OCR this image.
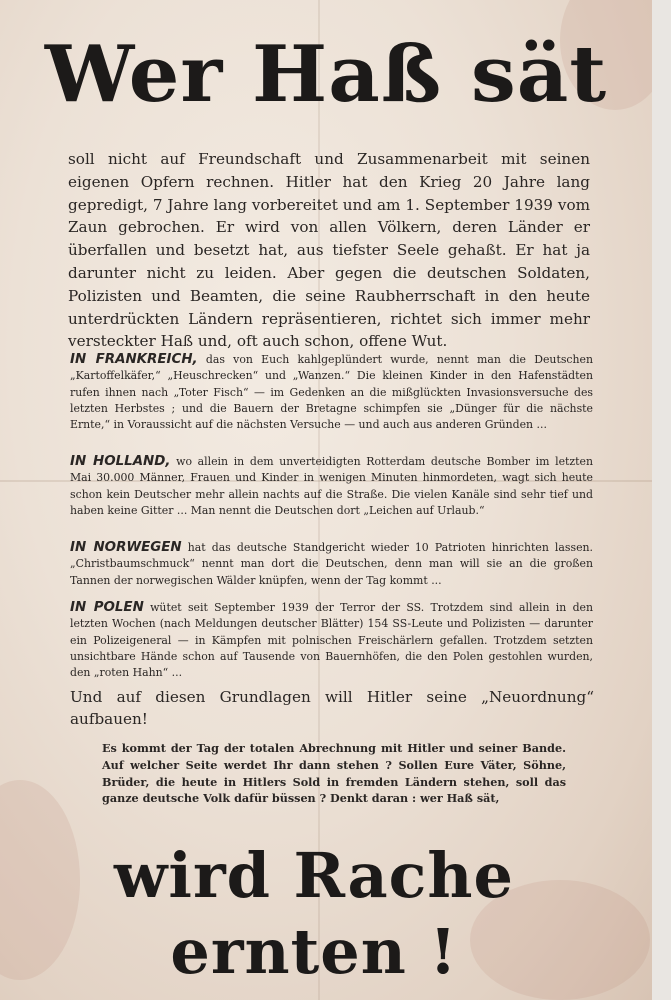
Wer Haß sät

soll nicht auf Freundschaft und Zusammenarbeit mit seinen eigenen Opfern rechnen. Hitler hat den Krieg 20 Jahre lang gepredigt, 7 Jahre lang vorbereitet und am 1. September 1939 vom Zaun gebrochen. Er wird von allen Völkern, deren Länder er überfallen und besetzt hat, aus tiefster Seele gehaßt. Er hat ja darunter nicht zu leiden. Aber gegen die deutschen Soldaten, Polizisten und Beamten, die seine Raubherrschaft in den heute unterdrückten Ländern repräsentieren, richtet sich immer mehr versteckter Haß und, oft auch schon, offene Wut.

IN FRANKREICH, das von Euch kahlgeplündert wurde, nennt man die Deutschen „Kartoffelkäfer,“ „Heuschrecken“ und „Wanzen.“ Die kleinen Kinder in den Hafenstädten rufen ihnen nach „Toter Fisch“ — im Gedenken an die mißglückten Invasionsversuche des letzten Herbstes ; und die Bauern der Bretagne schimpfen sie „Dünger für die nächste Ernte,“ in Voraussicht auf die nächsten Versuche — und auch aus anderen Gründen ...

IN HOLLAND, wo allein in dem unverteidigten Rotterdam deutsche Bomber im letzten Mai 30.000 Männer, Frauen und Kinder in wenigen Minuten hinmordeten, wagt sich heute schon kein Deutscher mehr allein nachts auf die Straße. Die vielen Kanäle sind sehr tief und haben keine Gitter ... Man nennt die Deutschen dort „Leichen auf Urlaub.“

IN NORWEGEN hat das deutsche Standgericht wieder 10 Patrioten hinrichten lassen. „Christbaumschmuck“ nennt man dort die Deutschen, denn man will sie an die großen Tannen der norwegischen Wälder knüpfen, wenn der Tag kommt ...

IN POLEN wütet seit September 1939 der Terror der SS. Trotzdem sind allein in den letzten Wochen (nach Meldungen deutscher Blätter) 154 SS-Leute und Polizisten — darunter ein Polizeigeneral — in Kämpfen mit polnischen Freischärlern gefallen. Trotzdem setzten unsichtbare Hände schon auf Tausende von Bauernhöfen, die den Polen gestohlen wurden, den „roten Hahn“ ...

Und auf diesen Grundlagen will Hitler seine „Neuordnung“ aufbauen!

Es kommt der Tag der totalen Abrechnung mit Hitler und seiner Bande. Auf welcher Seite werdet Ihr dann stehen ? Sollen Eure Väter, Söhne, Brüder, die heute in Hitlers Sold in fremden Ländern stehen, soll das ganze deutsche Volk dafür büssen ? Denkt daran : wer Haß sät,

wird Rache ernten !
